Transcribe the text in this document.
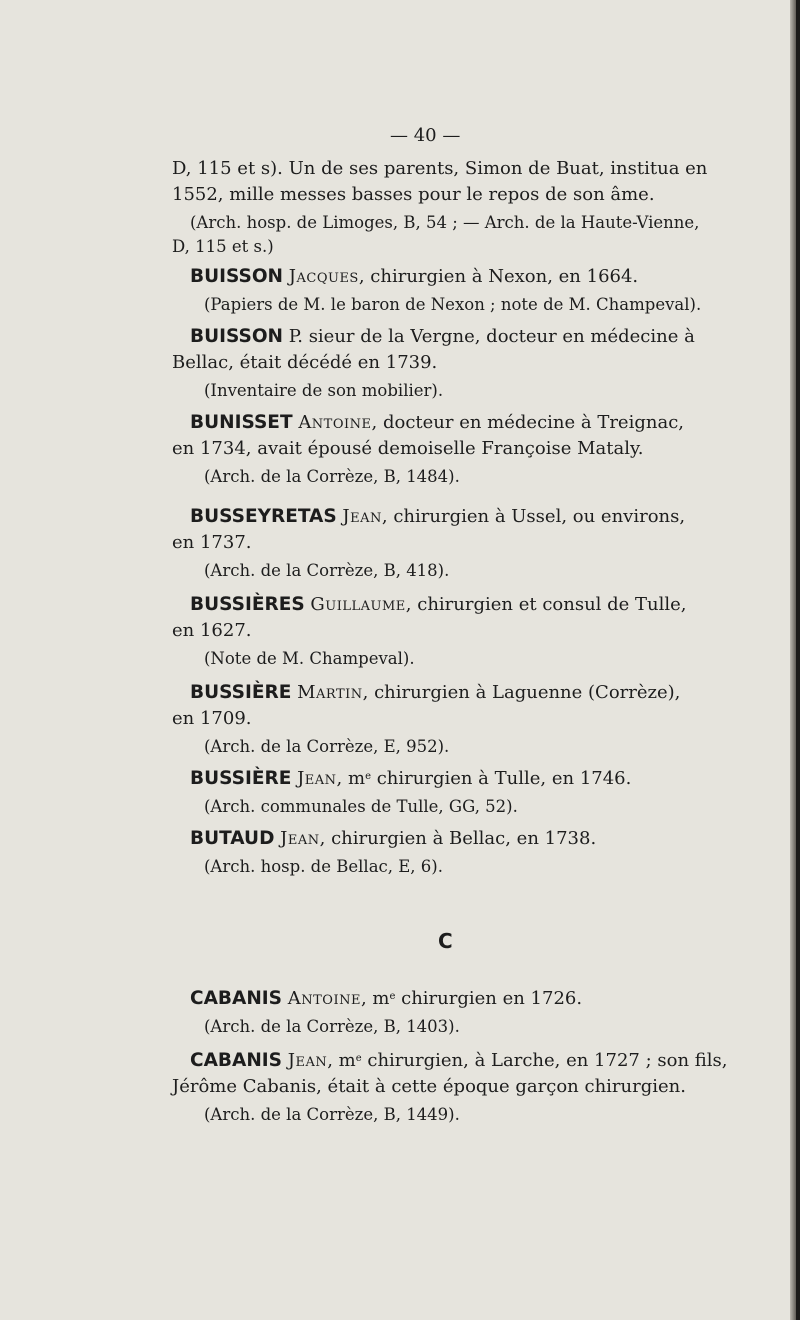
— 40 —
D, 115 et s). Un de ses parents, Simon de Buat, institua en
1552, mille messes basses pour le repos de son âme.
(Arch. hosp. de Limoges, B, 54 ; — Arch. de la Haute-Vienne,
D, 115 et s.)
BUISSON Jacques, chirurgien à Nexon, en 1664.
(Papiers de M. le baron de Nexon ; note de M. Champeval).
BUISSON P. sieur de la Vergne, docteur en médecine à
Bellac, était décédé en 1739.
(Inventaire de son mobilier).
BUNISSET Antoine, docteur en médecine à Treignac,
en 1734, avait épousé demoiselle Françoise Mataly.
(Arch. de la Corrèze, B, 1484).
BUSSEYRETAS Jean, chirurgien à Ussel, ou environs,
en 1737.
(Arch. de la Corrèze, B, 418).
BUSSIÈRES Guillaume, chirurgien et consul de Tulle,
en 1627.
(Note de M. Champeval).
BUSSIÈRE Martin, chirurgien à Laguenne (Corrèze),
en 1709.
(Arch. de la Corrèze, E, 952).
BUSSIÈRE Jean, $m^e$ chirurgien à Tulle, en 1746.
(Arch. communales de Tulle, GG, 52).
BUTAUD Jean, chirurgien à Bellac, en 1738.
(Arch. hosp. de Bellac, E, 6).
C
CABANIS Antoine, $m^e$ chirurgien en 1726.
(Arch. de la Corrèze, B, 1403).
CABANIS Jean, $m^e$ chirurgien, à Larche, en 1727 ; son fils,
Jérôme Cabanis, était à cette époque garçon chirurgien.
(Arch. de la Corrèze, B, 1449).
